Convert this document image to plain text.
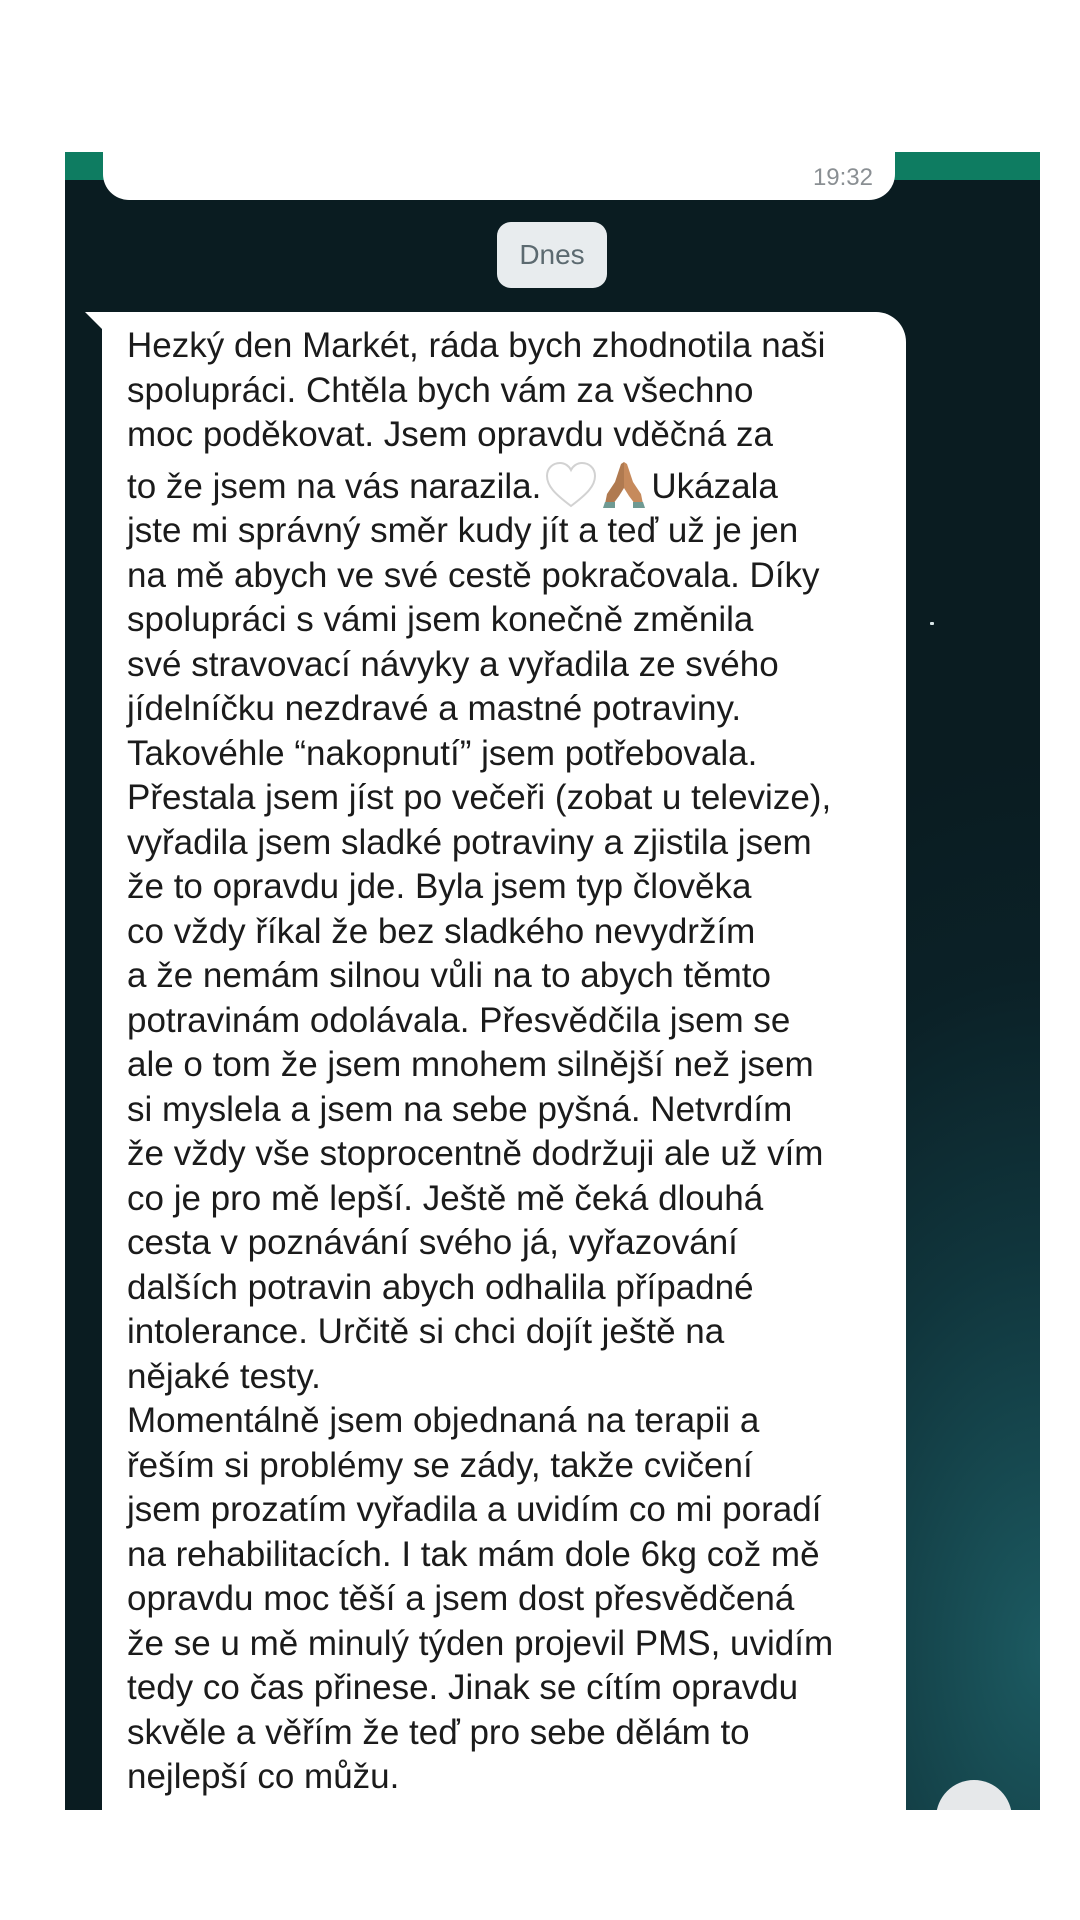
19:32
Dnes
Hezký den Markét, ráda bych zhodnotila naši
spolupráci. Chtěla bych vám za všechno
moc poděkovat. Jsem opravdu vděčná za
to že jsem na vás narazila.	Ukázala
jste mi správný směr kudy jít a teď už je jen
na mě abych ve své cestě pokračovala. Díky
spolupráci s vámi jsem konečně změnila
své stravovací návyky a vyřadila ze svého
jídelníčku nezdravé a mastné potraviny.
Takovéhle “nakopnutí” jsem potřebovala.
Přestala jsem jíst po večeři (zobat u televize),
vyřadila jsem sladké potraviny a zjistila jsem
že to opravdu jde. Byla jsem typ člověka
co vždy říkal že bez sladkého nevydržím
a že nemám silnou vůli na to abych těmto
potravinám odolávala. Přesvědčila jsem se
ale o tom že jsem mnohem silnější než jsem
si myslela a jsem na sebe pyšná. Netvrdím
že vždy vše stoprocentně dodržuji ale už vím
co je pro mě lepší. Ještě mě čeká dlouhá
cesta v poznávání svého já, vyřazování
dalších potravin abych odhalila případné
intolerance. Určitě si chci dojít ještě na
nějaké testy.
Momentálně jsem objednaná na terapii a
řeším si problémy se zády, takže cvičení
jsem prozatím vyřadila a uvidím co mi poradí
na rehabilitacích. I tak mám dole 6kg což mě
opravdu moc těší a jsem dost přesvědčená
že se u mě minulý týden projevil PMS, uvidím
tedy co čas přinese. Jinak se cítím opravdu
skvěle a věřím že teď pro sebe dělám to
nejlepší co můžu.
